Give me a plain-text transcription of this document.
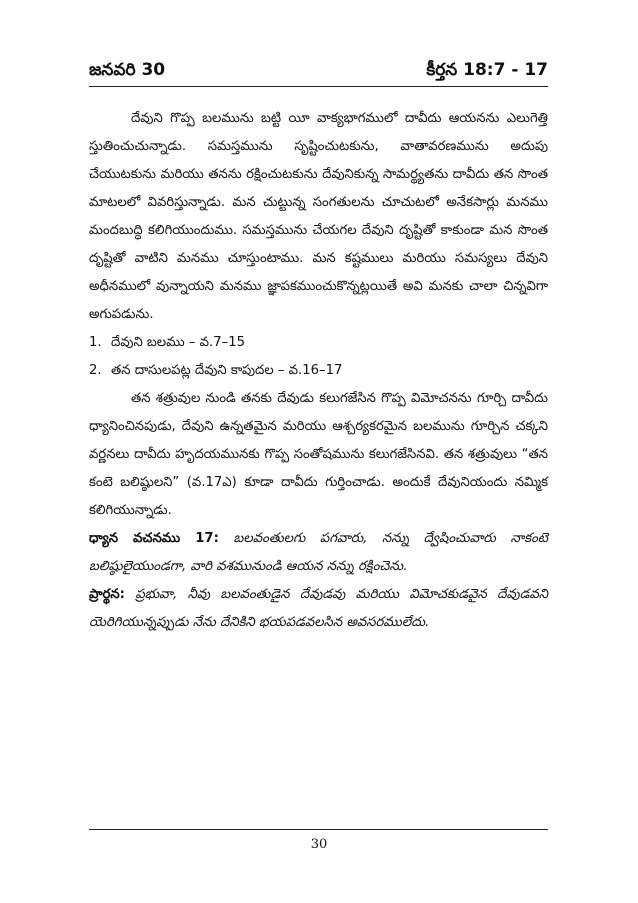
జనవరి 30	కీర్తన 18:7 - 17

దేవుని గొప్ప బలమును బట్టి యీ వాక్యభాగములో దావీదు ఆయనను ఎలుగెత్తి స్తుతించుచున్నాడు. సమస్తమును సృష్టించుటకును, వాతావరణమును అదుపు చేయుటకును మరియు తనను రక్షించుటకును దేవునికున్న సామర్థ్యతను దావీదు తన సొంత మాటలలో వివరిస్తున్నాడు. మన చుట్టున్న సంగతులను చూచుటలో అనేకసార్లు మనము మందబుద్ధి కలిగియుందుము. సమస్తమును చేయగల దేవుని దృష్టితో కాకుండా మన సొంత దృష్టితో వాటిని మనము చూస్తుంటాము. మన కష్టములు మరియు సమస్యలు దేవుని అధీనములో వున్నాయని మనము జ్ఞాపకముంచుకొన్నట్లయితే అవి మనకు చాలా చిన్నవిగా అగుపడును.

1. దేవుని బలము – వ.7–15
2. తన దాసులపట్ల దేవుని కాపుదల – వ.16–17

తన శత్రువుల నుండి తనకు దేవుడు కలుగజేసిన గొప్ప విమోచనను గూర్చి దావీదు ధ్యానించినపుడు, దేవుని ఉన్నతమైన మరియు ఆశ్చర్యకరమైన బలమును గూర్చిన చక్కని వర్ణనలు దావీదు హృదయమునకు గొప్ప సంతోషమును కలుగజేసినవి. తన శత్రువులు “తన కంటె బలిష్ఠులని” (వ.17ఎ) కూడా దావీదు గుర్తించాడు. అందుకే దేవునియందు నమ్మిక కలిగియున్నాడు.

ధ్యాన వచనము 17: బలవంతులగు పగవారు, నన్ను ద్వేషించువారు నాకంటె బలిష్ఠులైయుండగా, వారి వశమునుండి ఆయన నన్ను రక్షించెను.

ప్రార్థన: ప్రభువా, నీవు బలవంతుడైన దేవుడవు మరియు విమోచకుడవైన దేవుడవని యెరిగియున్నప్పుడు నేను దేనికిని భయపడవలసిన అవసరములేదు.

30
